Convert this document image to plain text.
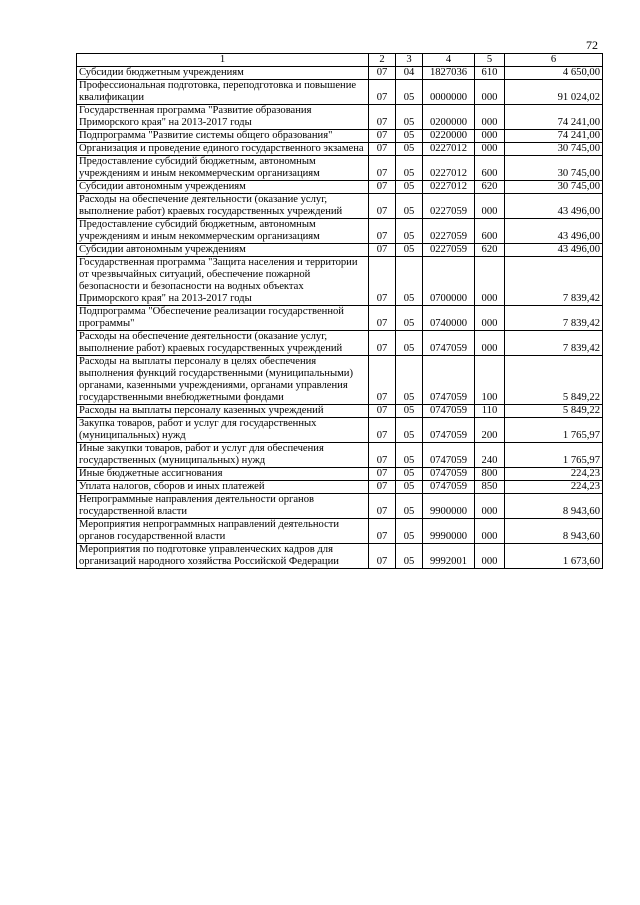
72
1	2	3	4	5	6
Субсидии бюджетным учреждениям	07	04	1827036	610	4 650,00
Профессиональная подготовка, переподготовка и повышение квалификации	07	05	0000000	000	91 024,02
Государственная программа "Развитие образования Приморского края" на 2013-2017 годы	07	05	0200000	000	74 241,00
Подпрограмма "Развитие системы общего образования"	07	05	0220000	000	74 241,00
Организация и проведение единого государственного экзамена	07	05	0227012	000	30 745,00
Предоставление субсидий бюджетным, автономным учреждениям и иным некоммерческим организациям	07	05	0227012	600	30 745,00
Субсидии автономным учреждениям	07	05	0227012	620	30 745,00
Расходы на обеспечение деятельности (оказание услуг, выполнение работ) краевых государственных учреждений	07	05	0227059	000	43 496,00
Предоставление субсидий бюджетным, автономным учреждениям и иным некоммерческим организациям	07	05	0227059	600	43 496,00
Субсидии автономным учреждениям	07	05	0227059	620	43 496,00
Государственная программа "Защита населения и территории от чрезвычайных ситуаций, обеспечение пожарной безопасности и безопасности на водных объектах Приморского края" на 2013-2017 годы	07	05	0700000	000	7 839,42
Подпрограмма "Обеспечение реализации государственной программы"	07	05	0740000	000	7 839,42
Расходы на обеспечение деятельности (оказание услуг, выполнение работ) краевых государственных учреждений	07	05	0747059	000	7 839,42
Расходы на выплаты персоналу в целях обеспечения выполнения функций государственными (муниципальными) органами, казенными учреждениями, органами управления государственными внебюджетными фондами	07	05	0747059	100	5 849,22
Расходы на выплаты персоналу казенных учреждений	07	05	0747059	110	5 849,22
Закупка товаров, работ и услуг для государственных (муниципальных) нужд	07	05	0747059	200	1 765,97
Иные закупки товаров, работ и услуг для обеспечения государственных (муниципальных) нужд	07	05	0747059	240	1 765,97
Иные бюджетные ассигнования	07	05	0747059	800	224,23
Уплата налогов, сборов и иных платежей	07	05	0747059	850	224,23
Непрограммные направления деятельности органов государственной власти	07	05	9900000	000	8 943,60
Мероприятия непрограммных направлений деятельности органов государственной власти	07	05	9990000	000	8 943,60
Мероприятия по подготовке управленческих кадров для организаций народного хозяйства Российской Федерации	07	05	9992001	000	1 673,60
